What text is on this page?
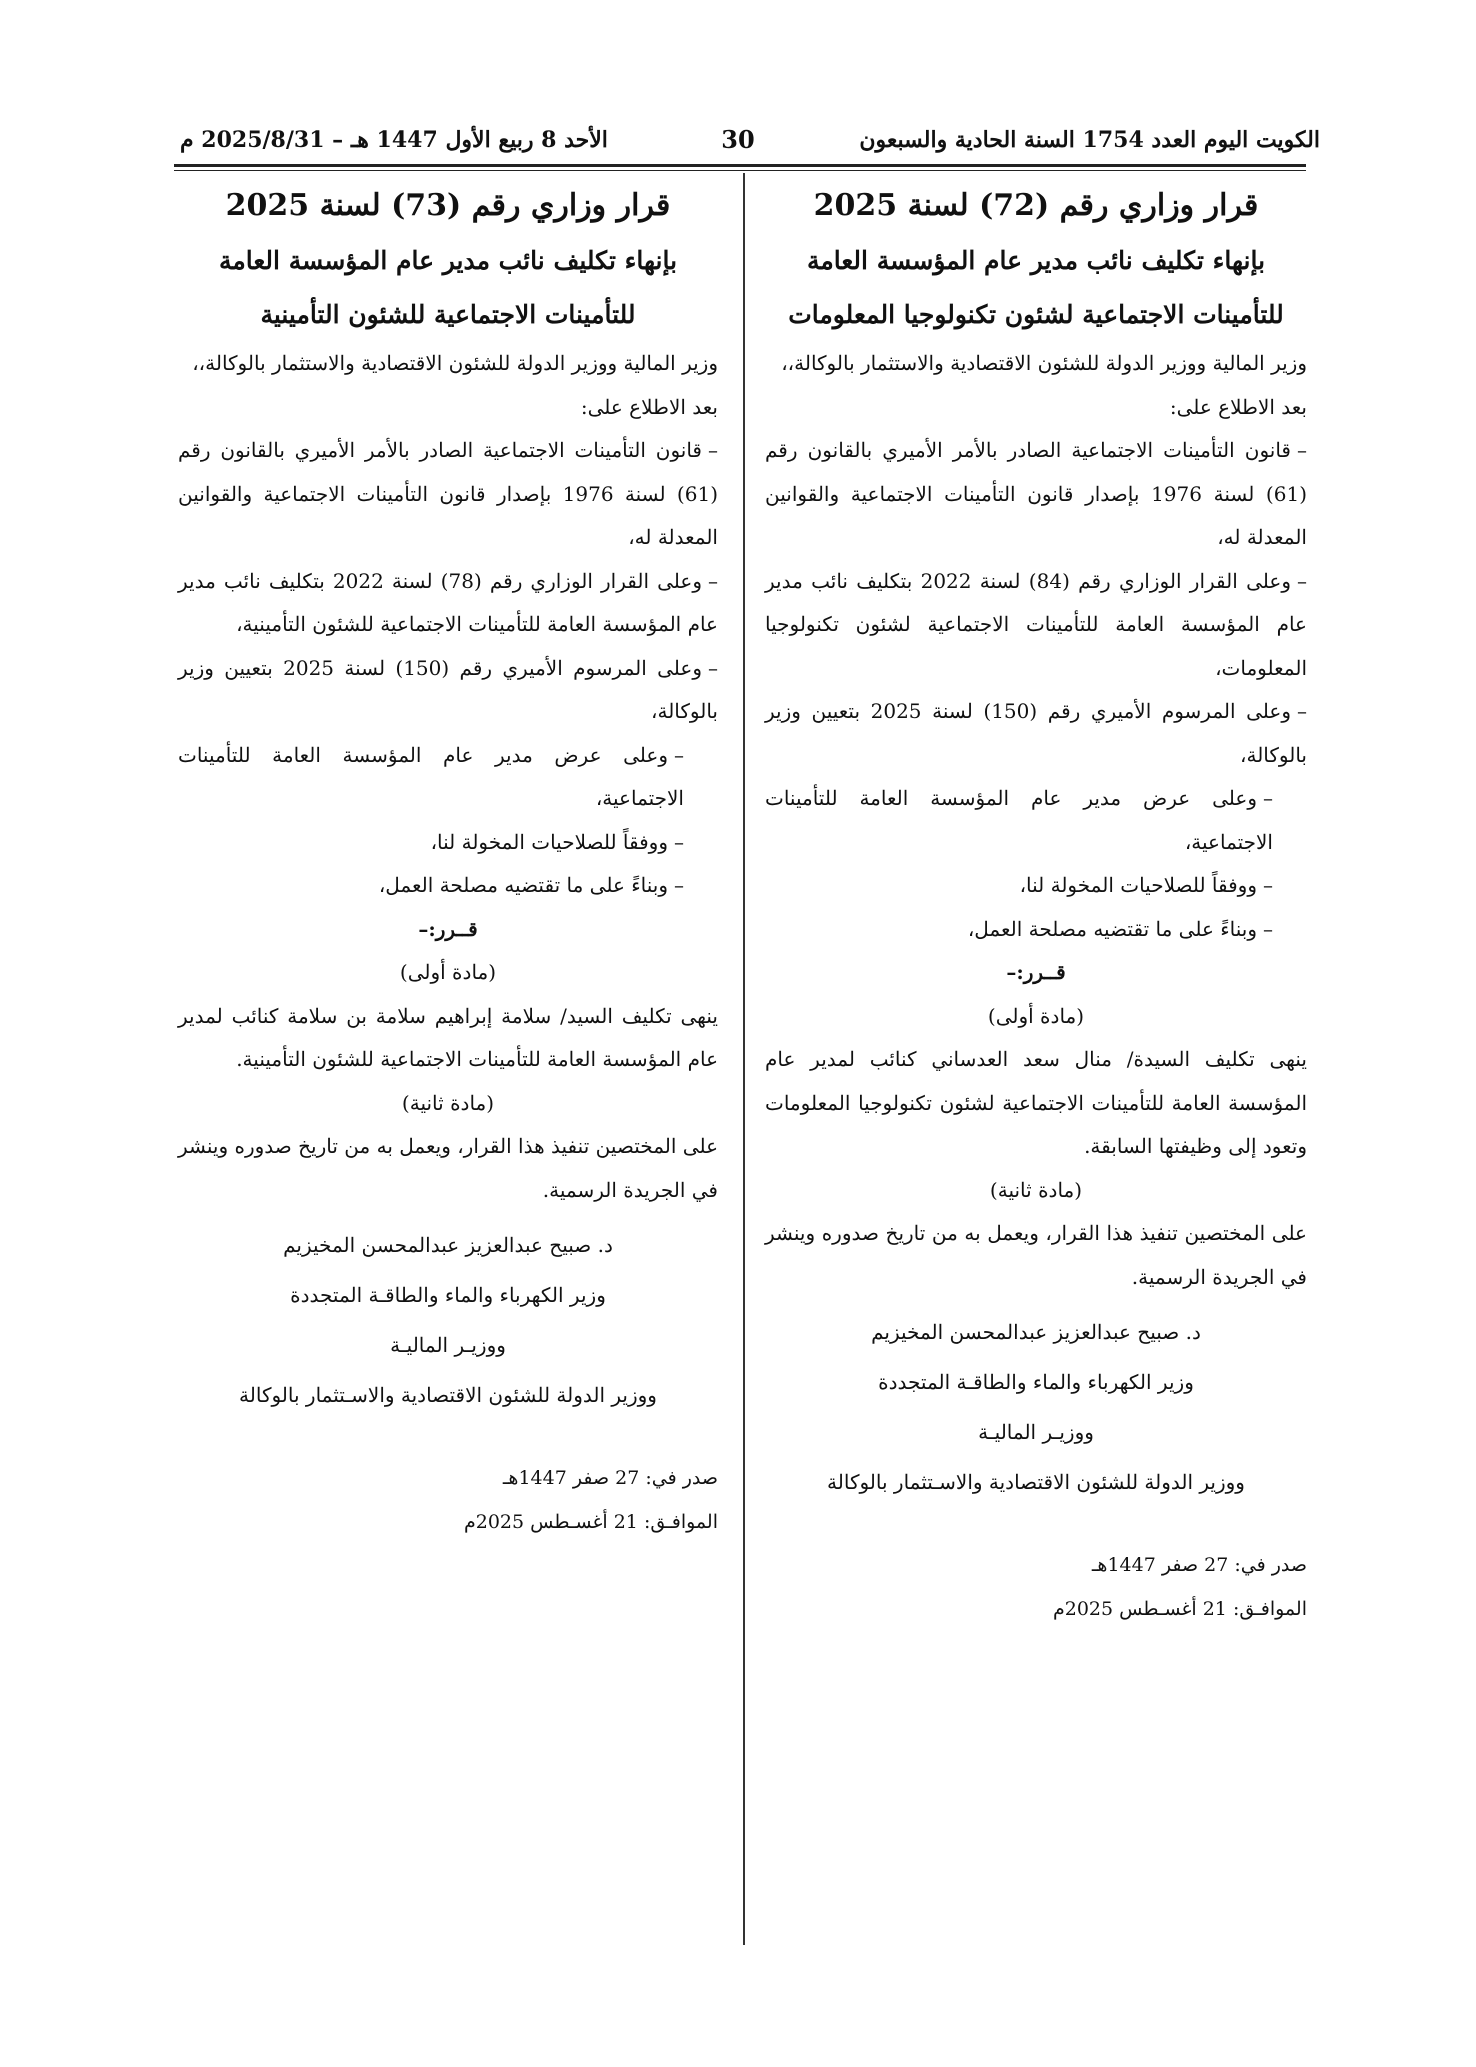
الكويت اليوم العدد 1754 السنة الحادية والسبعون
30
الأحد 8 ربيع الأول 1447 هـ – 2025/8/31 م

قرار وزاري رقم (72) لسنة 2025

بإنهاء تكليف نائب مدير عام المؤسسة العامة

للتأمينات الاجتماعية لشئون تكنولوجيا المعلومات

وزير المالية ووزير الدولة للشئون الاقتصادية والاستثمار بالوكالة،،

بعد الاطلاع على:

–قانون التأمينات الاجتماعية الصادر بالأمر الأميري بالقانون رقم (61) لسنة 1976 بإصدار قانون التأمينات الاجتماعية والقوانين المعدلة له،
–وعلى القرار الوزاري رقم (84) لسنة 2022 بتكليف نائب مدير عام المؤسسة العامة للتأمينات الاجتماعية لشئون تكنولوجيا المعلومات،
–وعلى المرسوم الأميري رقم (150) لسنة 2025 بتعيين وزير بالوكالة،
–وعلى عرض مدير عام المؤسسة العامة للتأمينات الاجتماعية،
–ووفقاً للصلاحيات المخولة لنا،
–وبناءً على ما تقتضيه مصلحة العمل،

قــرر:–

(مادة أولى)

ينهى تكليف السيدة/ منال سعد العدساني كنائب لمدير عام المؤسسة العامة للتأمينات الاجتماعية لشئون تكنولوجيا المعلومات وتعود إلى وظيفتها السابقة.

(مادة ثانية)

على المختصين تنفيذ هذا القرار، ويعمل به من تاريخ صدوره وينشر في الجريدة الرسمية.

د. صبيح عبدالعزيز عبدالمحسن المخيزيم

وزير الكهرباء والماء والطاقـة المتجددة

ووزيـر الماليـة

ووزير الدولة للشئون الاقتصادية والاسـتثمار بالوكالة

صدر في: 27 صفر 1447هـ

الموافـق: 21 أغسـطس 2025م

قرار وزاري رقم (73) لسنة 2025

بإنهاء تكليف نائب مدير عام المؤسسة العامة

للتأمينات الاجتماعية للشئون التأمينية

وزير المالية ووزير الدولة للشئون الاقتصادية والاستثمار بالوكالة،،

بعد الاطلاع على:

–قانون التأمينات الاجتماعية الصادر بالأمر الأميري بالقانون رقم (61) لسنة 1976 بإصدار قانون التأمينات الاجتماعية والقوانين المعدلة له،
–وعلى القرار الوزاري رقم (78) لسنة 2022 بتكليف نائب مدير عام المؤسسة العامة للتأمينات الاجتماعية للشئون التأمينية،
–وعلى المرسوم الأميري رقم (150) لسنة 2025 بتعيين وزير بالوكالة،
–وعلى عرض مدير عام المؤسسة العامة للتأمينات الاجتماعية،
–ووفقاً للصلاحيات المخولة لنا،
–وبناءً على ما تقتضيه مصلحة العمل،

قــرر:–

(مادة أولى)

ينهى تكليف السيد/ سلامة إبراهيم سلامة بن سلامة كنائب لمدير عام المؤسسة العامة للتأمينات الاجتماعية للشئون التأمينية.

(مادة ثانية)

على المختصين تنفيذ هذا القرار، ويعمل به من تاريخ صدوره وينشر في الجريدة الرسمية.

د. صبيح عبدالعزيز عبدالمحسن المخيزيم

وزير الكهرباء والماء والطاقـة المتجددة

ووزيـر الماليـة

ووزير الدولة للشئون الاقتصادية والاسـتثمار بالوكالة

صدر في: 27 صفر 1447هـ

الموافـق: 21 أغسـطس 2025م
